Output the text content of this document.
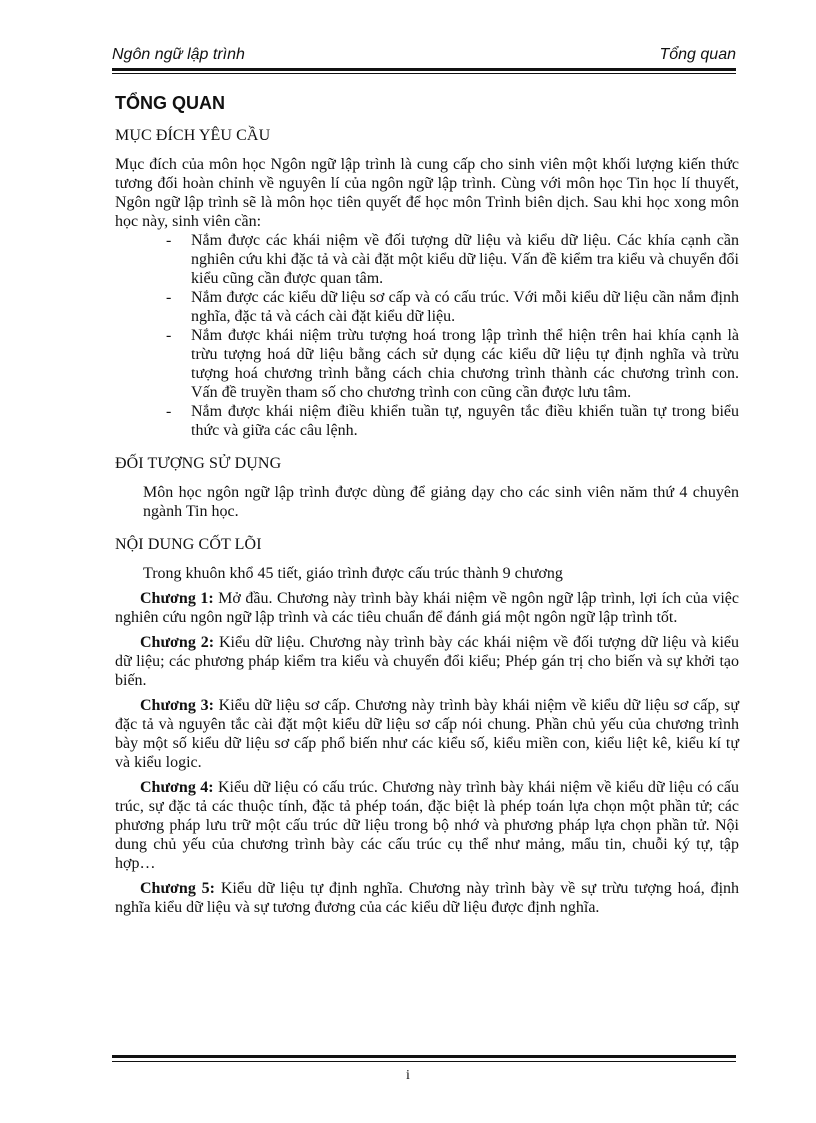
Ngôn ngữ lập trình	Tổng quan
TỔNG QUAN
MỤC ĐÍCH YÊU CẦU

Mục đích của môn học Ngôn ngữ lập trình là cung cấp cho sinh viên một khối lượng kiến thức tương đối hoàn chỉnh về nguyên lí của ngôn ngữ lập trình. Cùng với môn học Tin học lí thuyết, Ngôn ngữ lập trình sẽ là môn học tiên quyết để học môn Trình biên dịch. Sau khi học xong môn học này, sinh viên cần:

- Nắm được các khái niệm về đối tượng dữ liệu và kiểu dữ liệu. Các khía cạnh cần nghiên cứu khi đặc tả và cài đặt một kiểu dữ liệu. Vấn đề kiểm tra kiểu và chuyển đổi kiểu cũng cần được quan tâm.
- Nắm được các kiểu dữ liệu sơ cấp và có cấu trúc. Với mỗi kiểu dữ liệu cần nắm định nghĩa, đặc tả và cách cài đặt kiểu dữ liệu.
- Nắm được khái niệm trừu tượng hoá trong lập trình thể hiện trên hai khía cạnh là trừu tượng hoá dữ liệu bằng cách sử dụng các kiểu dữ liệu tự định nghĩa và trừu tượng hoá chương trình bằng cách chia chương trình thành các chương trình con. Vấn đề truyền tham số cho chương trình con cũng cần được lưu tâm.
- Nắm được khái niệm điều khiển tuần tự, nguyên tắc điều khiển tuần tự trong biểu thức và giữa các câu lệnh.
ĐỐI TƯỢNG SỬ DỤNG

Môn học ngôn ngữ lập trình được dùng để giảng dạy cho các sinh viên năm thứ 4 chuyên ngành Tin học.

NỘI DUNG CỐT LÕI

Trong khuôn khổ 45 tiết, giáo trình được cấu trúc thành 9 chương

Chương 1: Mở đầu. Chương này trình bày khái niệm về ngôn ngữ lập trình, lợi ích của việc nghiên cứu ngôn ngữ lập trình và các tiêu chuẩn để đánh giá một ngôn ngữ lập trình tốt.

Chương 2: Kiểu dữ liệu. Chương này trình bày các khái niệm về đối tượng dữ liệu và kiểu dữ liệu; các phương pháp kiểm tra kiểu và chuyển đổi kiểu; Phép gán trị cho biến và sự khởi tạo biến.

Chương 3: Kiểu dữ liệu sơ cấp. Chương này trình bày khái niệm về kiểu dữ liệu sơ cấp, sự đặc tả và nguyên tắc cài đặt một kiểu dữ liệu sơ cấp nói chung. Phần chủ yếu của chương trình bày một số kiểu dữ liệu sơ cấp phổ biến như các kiểu số, kiểu miền con, kiểu liệt kê, kiểu kí tự và kiểu logic.

Chương 4: Kiểu dữ liệu có cấu trúc. Chương này trình bày khái niệm về kiểu dữ liệu có cấu trúc, sự đặc tả các thuộc tính, đặc tả phép toán, đặc biệt là phép toán lựa chọn một phần tử; các phương pháp lưu trữ một cấu trúc dữ liệu trong bộ nhớ và phương pháp lựa chọn phần tử. Nội dung chủ yếu của chương trình bày các cấu trúc cụ thể như mảng, mẩu tin, chuỗi ký tự, tập hợp…

Chương 5: Kiểu dữ liệu tự định nghĩa. Chương này trình bày về sự trừu tượng hoá, định nghĩa kiểu dữ liệu và sự tương đương của các kiểu dữ liệu được định nghĩa.

i
